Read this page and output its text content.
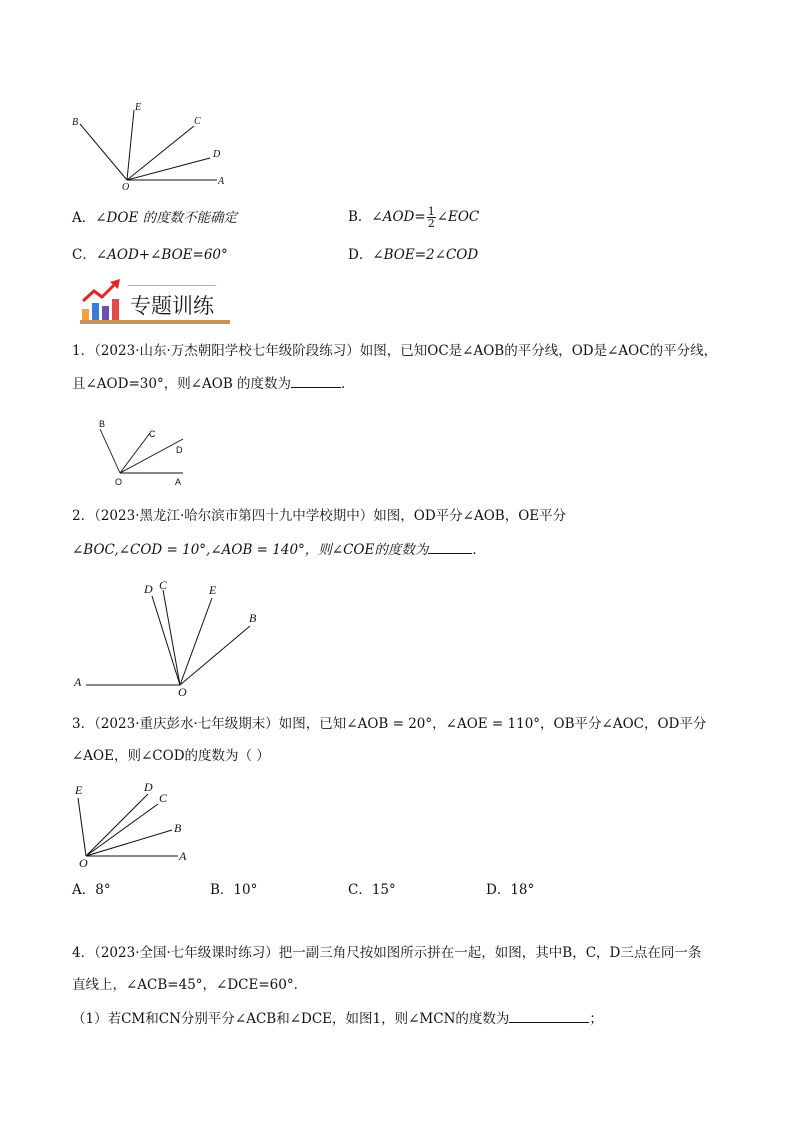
B
E
C
D
O
A
A．∠DOE 的度数不能确定	B．∠AOD= $\frac{1}{2}$ ∠EOC
C．∠AOD+∠BOE=60°	D．∠BOE=2∠COD
专题训练
1．（2023·山东·万杰朝阳学校七年级阶段练习）如图，已知OC是∠AOB的平分线，OD是∠AOC的平分线，
且∠AOD=30°，则∠AOB 的度数为	．
B
C
D
O	A
2．（2023·黑龙江·哈尔滨市第四十九中学校期中）如图，OD平分∠AOB，OE平分
∠BOC,∠COD = 10°,∠AOB = 140°，则∠COE的度数为	．
D C	E
B
A
O
3．（2023·重庆彭水·七年级期末）如图，已知∠AOB = 20°，∠AOE = 110°，OB平分∠AOC，OD平分
∠AOE，则∠COD的度数为（ ）
E	D
C
B
O	A
A．8°	B．10°	C．15°	D．18°
4．（2023·全国·七年级课时练习）把一副三角尺按如图所示拼在一起，如图，其中B，C，D三点在同一条
直线上，∠ACB=45°，∠DCE=60°．
（1）若CM和CN分别平分∠ACB和∠DCE，如图1，则∠MCN的度数为	；
